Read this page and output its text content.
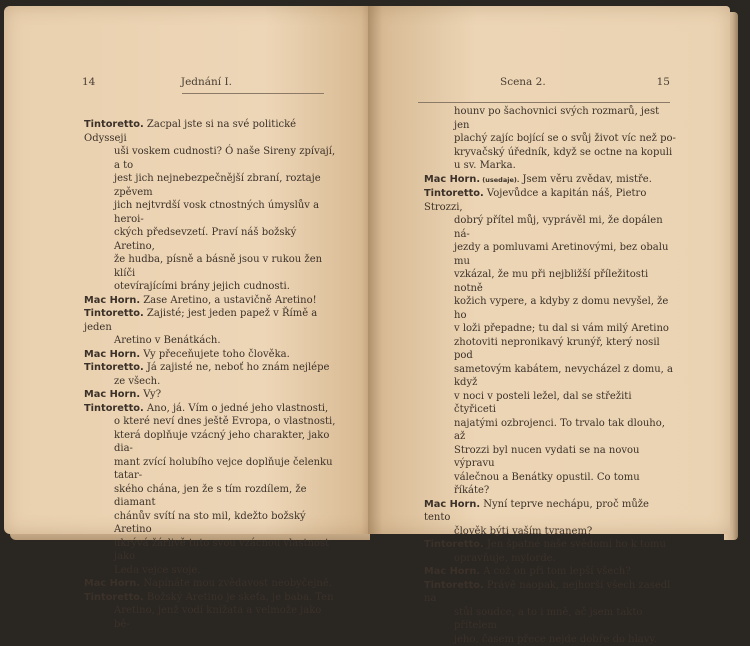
14	Jednání I.
Tintoretto. Zacpal jste si na své politické Odysseji
uši voskem cudnosti? Ó naše Sireny zpívají, a to
jest jich nejnebezpečnější zbraní, roztaje zpěvem
jich nejtvrdší vosk ctnostných úmyslův a heroi-
ckých předsevzetí. Praví náš božský Aretino,
že hudba, písně a básně jsou v rukou žen klíči
otevírajícími brány jejich cudnosti.
Mac Horn. Zase Aretino, a ustavičně Aretino!
Tintoretto. Zajisté; jest jeden papež v Římě a jeden
Aretino v Benátkách.
Mac Horn. Vy přeceňujete toho člověka.
Tintoretto. Já zajisté ne, neboť ho znám nejlépe
ze všech.
Mac Horn. Vy?
Tintoretto. Ano, já. Vím o jedné jeho vlastnosti,
o které neví dnes ještě Evropa, o vlastnosti,
která doplňuje vzácný jeho charakter, jako dia-
mant zvící holubího vejce doplňuje čelenku tatar-
ského chána, jen že s tím rozdílem, že diamant
chánův svítí na sto mil, kdežto božský Aretino
ukrývá žárlivě tuto svou vzácnou vlastnost jako
Leda vejce svoje.
Mac Horn. Napínáte mou zvědavost neobyčejně.
Tintoretto. Božský Aretino je skeťa, je baba. Ten
Aretino, jenž vodí knížata a velmože jako bě-
Scena 2.	15
hounv po šachovnici svých rozmarů, jest jen
plachý zajíc bojící se o svůj život víc než po-
kryvačský úředník, když se octne na kopuli
u sv. Marka.
Mac Horn. (usedaje). Jsem věru zvědav, mistře.
Tintoretto. Vojevůdce a kapitán náš, Pietro Strozzi,
dobrý přítel můj, vyprávěl mi, že dopálen ná-
jezdy a pomluvami Aretinovými, bez obalu mu
vzkázal, že mu při nejbližší příležitosti notně
kožich vypere, a kdyby z domu nevyšel, že ho
v loži přepadne; tu dal si vám milý Aretino
zhotoviti nepronikavý krunýř, který nosil pod
sametovým kabátem, nevycházel z domu, a když
v noci v posteli ležel, dal se střežiti čtyřiceti
najatými ozbrojenci. To trvalo tak dlouho, až
Strozzi byl nucen vydati se na novou výpravu
válečnou a Benátky opustil. Co tomu říkáte?
Mac Horn. Nyní teprve nechápu, proč může tento
člověk býti vaším tyranem?
Tintoretto. Jen špatné naše svědomí ho k tomu
opravňuje, mylorde.
Mac Horn. A což on při tom lepší všech?
Tintoretto. Právě naopak, nejhorší všech zasedl na
stůl soudce, a to i mně, ač jsem takto přítelem
jeho, časem přece nejde dobře do hlavy.
